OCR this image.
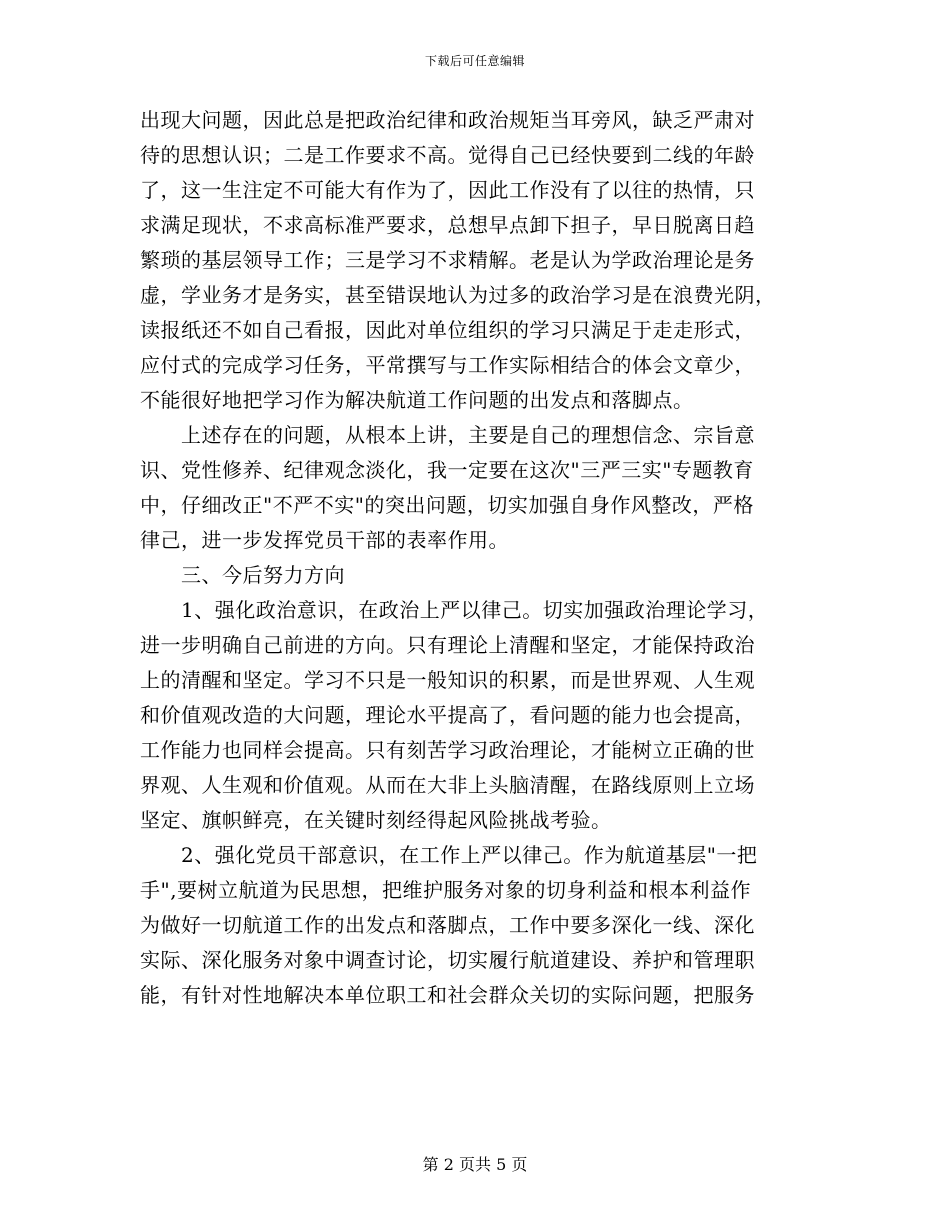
下载后可任意编辑
出现大问题，因此总是把政治纪律和政治规矩当耳旁风，缺乏严肃对
待的思想认识；二是工作要求不高。觉得自己已经快要到二线的年龄
了，这一生注定不可能大有作为了，因此工作没有了以往的热情，只
求满足现状，不求高标准严要求，总想早点卸下担子，早日脱离日趋
繁琐的基层领导工作；三是学习不求精解。老是认为学政治理论是务
虚，学业务才是务实，甚至错误地认为过多的政治学习是在浪费光阴，
读报纸还不如自己看报，因此对单位组织的学习只满足于走走形式，
应付式的完成学习任务，平常撰写与工作实际相结合的体会文章少，
不能很好地把学习作为解决航道工作问题的出发点和落脚点。
　　上述存在的问题，从根本上讲，主要是自己的理想信念、宗旨意
识、党性修养、纪律观念淡化，我一定要在这次"三严三实"专题教育
中，仔细改正"不严不实"的突出问题，切实加强自身作风整改，严格
律己，进一步发挥党员干部的表率作用。
　　三、今后努力方向
　　1、强化政治意识，在政治上严以律己。切实加强政治理论学习，
进一步明确自己前进的方向。只有理论上清醒和坚定，才能保持政治
上的清醒和坚定。学习不只是一般知识的积累，而是世界观、人生观
和价值观改造的大问题，理论水平提高了，看问题的能力也会提高，
工作能力也同样会提高。只有刻苦学习政治理论，才能树立正确的世
界观、人生观和价值观。从而在大非上头脑清醒，在路线原则上立场
坚定、旗帜鲜亮，在关键时刻经得起风险挑战考验。
　　2、强化党员干部意识，在工作上严以律己。作为航道基层"一把
手",要树立航道为民思想，把维护服务对象的切身利益和根本利益作
为做好一切航道工作的出发点和落脚点，工作中要多深化一线、深化
实际、深化服务对象中调查讨论，切实履行航道建设、养护和管理职
能，有针对性地解决本单位职工和社会群众关切的实际问题，把服务
第 2 页共 5 页
